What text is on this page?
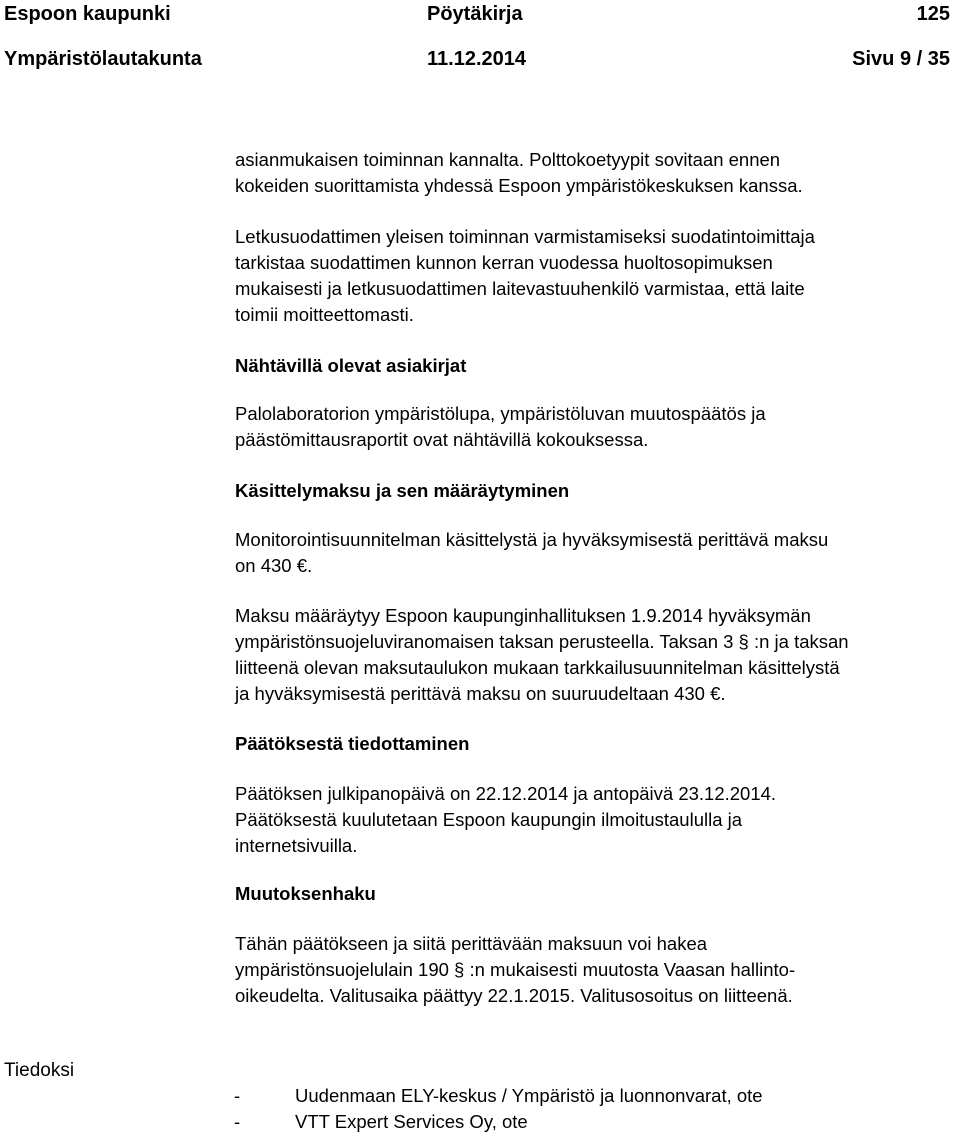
Espoon kaupunki	Pöytäkirja	125
Ympäristölautakunta	11.12.2014	Sivu 9 / 35
asianmukaisen toiminnan kannalta. Polttokoetyypit sovitaan ennen
kokeiden suorittamista yhdessä Espoon ympäristökeskuksen kanssa.
Letkusuodattimen yleisen toiminnan varmistamiseksi suodatintoimittaja
tarkistaa suodattimen kunnon kerran vuodessa huoltosopimuksen
mukaisesti ja letkusuodattimen laitevastuuhenkilö varmistaa, että laite
toimii moitteettomasti.
Nähtävillä olevat asiakirjat
Palolaboratorion ympäristölupa, ympäristöluvan muutospäätös ja
päästömittausraportit ovat nähtävillä kokouksessa.
Käsittelymaksu ja sen määräytyminen
Monitorointisuunnitelman käsittelystä ja hyväksymisestä perittävä maksu
on 430 €.
Maksu määräytyy Espoon kaupunginhallituksen 1.9.2014 hyväksymän
ympäristönsuojeluviranomaisen taksan perusteella. Taksan 3 § :n ja taksan
liitteenä olevan maksutaulukon mukaan tarkkailusuunnitelman käsittelystä
ja hyväksymisestä perittävä maksu on suuruudeltaan 430 €.
Päätöksestä tiedottaminen
Päätöksen julkipanopäivä on 22.12.2014 ja antopäivä 23.12.2014.
Päätöksestä kuulutetaan Espoon kaupungin ilmoitustaululla ja
internetsivuilla.
Muutoksenhaku
Tähän päätökseen ja siitä perittävään maksuun voi hakea
ympäristönsuojelulain 190 § :n mukaisesti muutosta Vaasan hallinto-
oikeudelta. Valitusaika päättyy 22.1.2015. Valitusosoitus on liitteenä.
Tiedoksi
-	Uudenmaan ELY-keskus / Ympäristö ja luonnonvarat, ote
-	VTT Expert Services Oy, ote
